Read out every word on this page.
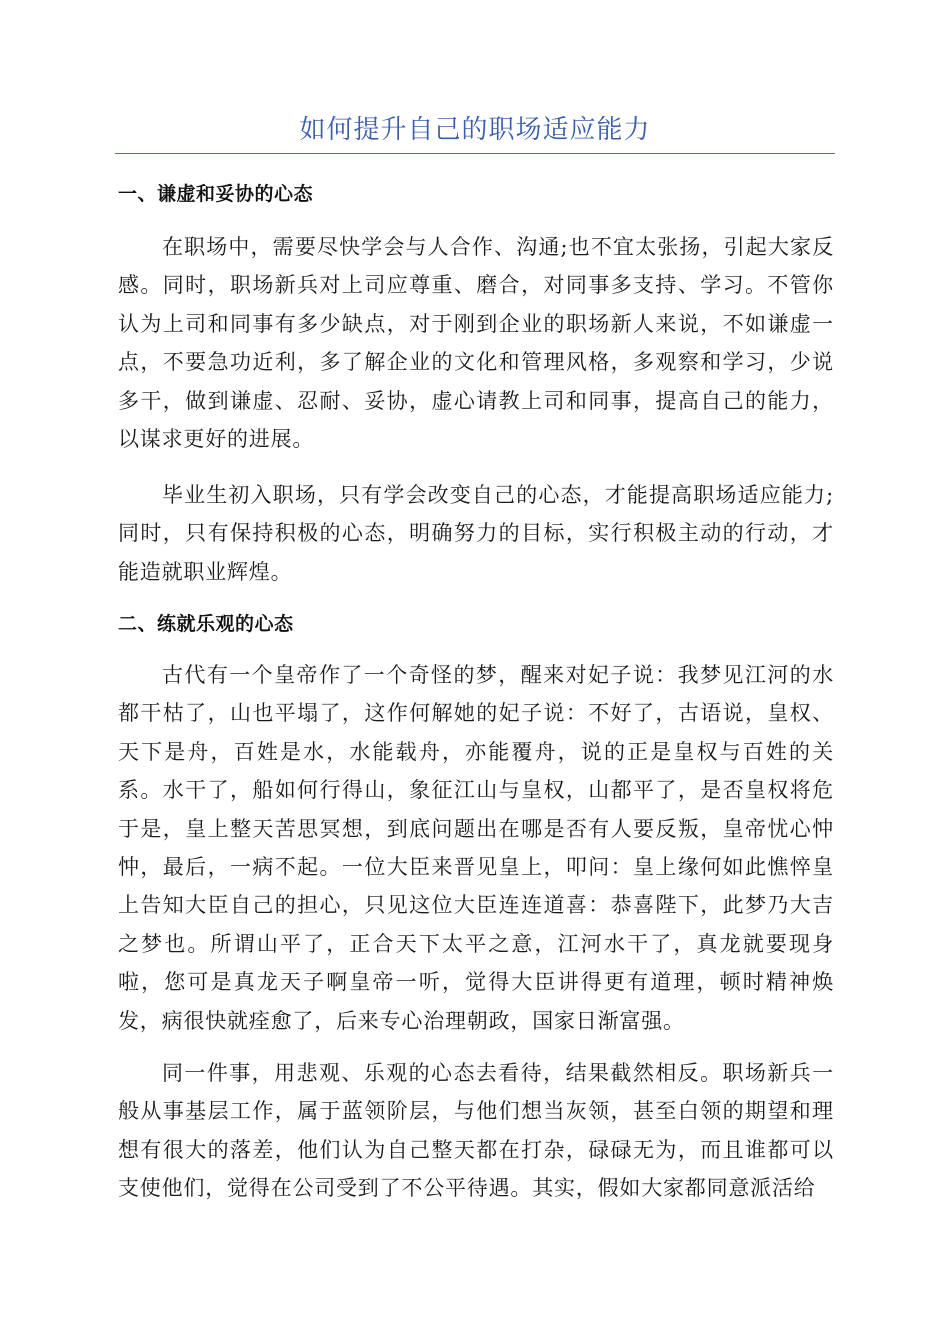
如何提升自己的职场适应能力
一、谦虚和妥协的心态

在职场中，需要尽快学会与人合作、沟通;也不宜太张扬，引起大家反感。同时，职场新兵对上司应尊重、磨合，对同事多支持、学习。不管你认为上司和同事有多少缺点，对于刚到企业的职场新人来说，不如谦虚一点，不要急功近利，多了解企业的文化和管理风格，多观察和学习，少说多干，做到谦虚、忍耐、妥协，虚心请教上司和同事，提高自己的能力，以谋求更好的进展。

毕业生初入职场，只有学会改变自己的心态，才能提高职场适应能力;同时，只有保持积极的心态，明确努力的目标，实行积极主动的行动，才能造就职业辉煌。

二、练就乐观的心态

古代有一个皇帝作了一个奇怪的梦，醒来对妃子说：我梦见江河的水都干枯了，山也平塌了，这作何解她的妃子说：不好了，古语说，皇权、天下是舟，百姓是水，水能载舟，亦能覆舟，说的正是皇权与百姓的关系。水干了，船如何行得山，象征江山与皇权，山都平了，是否皇权将危于是，皇上整天苦思冥想，到底问题出在哪是否有人要反叛，皇帝忧心忡忡，最后，一病不起。一位大臣来晋见皇上，叩问：皇上缘何如此憔悴皇上告知大臣自己的担心，只见这位大臣连连道喜：恭喜陛下，此梦乃大吉之梦也。所谓山平了，正合天下太平之意，江河水干了，真龙就要现身啦，您可是真龙天子啊皇帝一听，觉得大臣讲得更有道理，顿时精神焕发，病很快就痊愈了，后来专心治理朝政，国家日渐富强。

同一件事，用悲观、乐观的心态去看待，结果截然相反。职场新兵一般从事基层工作，属于蓝领阶层，与他们想当灰领，甚至白领的期望和理想有很大的落差，他们认为自己整天都在打杂，碌碌无为，而且谁都可以支使他们，觉得在公司受到了不公平待遇。其实，假如大家都同意派活给
